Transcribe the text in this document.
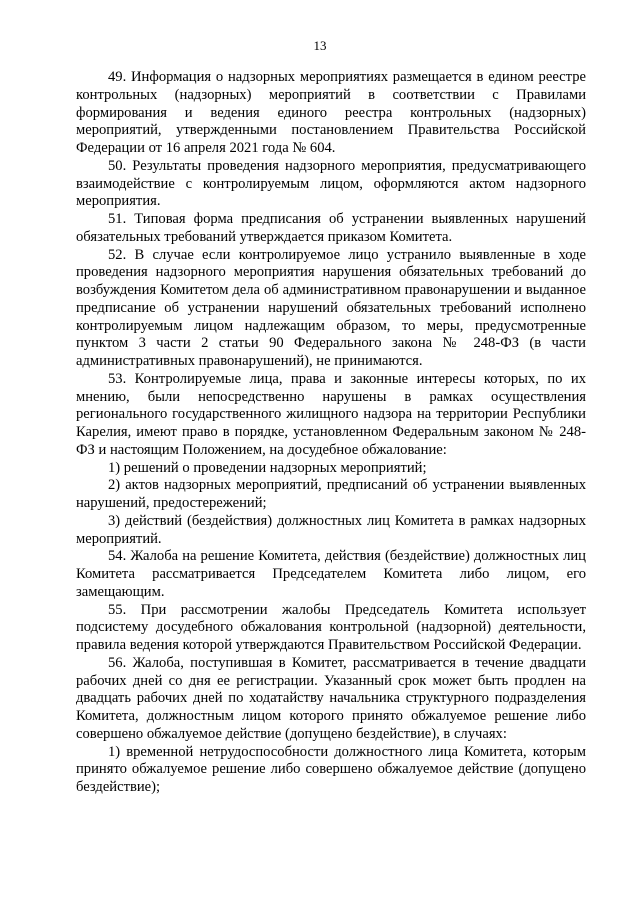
13

49. Информация о надзорных мероприятиях размещается в едином реестре контрольных (надзорных) мероприятий в соответствии с Правилами формирования и ведения единого реестра контрольных (надзорных) мероприятий, утвержденными постановлением Правительства Российской Федерации от 16 апреля 2021 года № 604.

50. Результаты проведения надзорного мероприятия, предусматривающего взаимодействие с контролируемым лицом, оформляются актом надзорного мероприятия.

51. Типовая форма предписания об устранении выявленных нарушений обязательных требований утверждается приказом Комитета.

52. В случае если контролируемое лицо устранило выявленные в ходе проведения надзорного мероприятия нарушения обязательных требований до возбуждения Комитетом дела об административном правонарушении и выданное предписание об устранении нарушений обязательных требований исполнено контролируемым лицом надлежащим образом, то меры, предусмотренные пунктом 3 части 2 статьи 90 Федерального закона № 248-ФЗ (в части административных правонарушений), не принимаются.

53. Контролируемые лица, права и законные интересы которых, по их мнению, были непосредственно нарушены в рамках осуществления регионального государственного жилищного надзора на территории Республики Карелия, имеют право в порядке, установленном Федеральным законом № 248-ФЗ и настоящим Положением, на досудебное обжалование:

1) решений о проведении надзорных мероприятий;

2) актов надзорных мероприятий, предписаний об устранении выявленных нарушений, предостережений;

3) действий (бездействия) должностных лиц Комитета в рамках надзорных мероприятий.

54. Жалоба на решение Комитета, действия (бездействие) должностных лиц Комитета рассматривается Председателем Комитета либо лицом, его замещающим.

55. При рассмотрении жалобы Председатель Комитета использует подсистему досудебного обжалования контрольной (надзорной) деятельности, правила ведения которой утверждаются Правительством Российской Федерации.

56. Жалоба, поступившая в Комитет, рассматривается в течение двадцати рабочих дней со дня ее регистрации. Указанный срок может быть продлен на двадцать рабочих дней по ходатайству начальника структурного подразделения Комитета, должностным лицом которого принято обжалуемое решение либо совершено обжалуемое действие (допущено бездействие), в случаях:

1) временной нетрудоспособности должностного лица Комитета, которым принято обжалуемое решение либо совершено обжалуемое действие (допущено бездействие);
